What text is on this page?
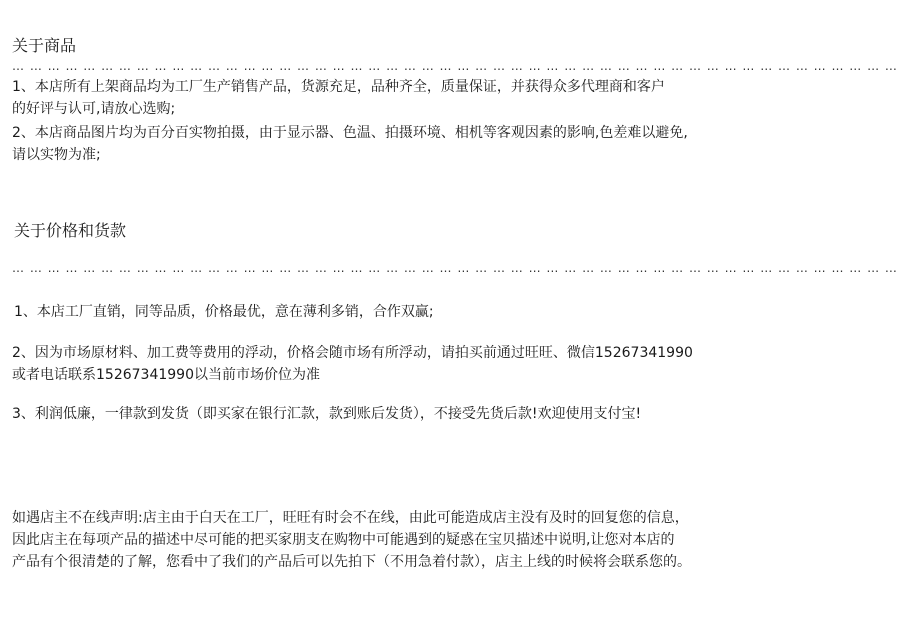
关于商品
… … … … … … … … … … … … … … … … … … … … … … … … … … … … … … … … … … … … … … … … … … … … … … … … … …
1、本店所有上架商品均为工厂生产销售产品，货源充足，品种齐全，质量保证，并获得众多代理商和客户
的好评与认可,请放心选购;
2、本店商品图片均为百分百实物拍摄，由于显示器、色温、拍摄环境、相机等客观因素的影响,色差难以避免,
请以实物为准;
关于价格和货款
… … … … … … … … … … … … … … … … … … … … … … … … … … … … … … … … … … … … … … … … … … … … … … … … … …
1、本店工厂直销，同等品质，价格最优，意在薄利多销，合作双赢;
2、因为市场原材料、加工费等费用的浮动，价格会随市场有所浮动，请拍买前通过旺旺、微信15267341990
或者电话联系15267341990以当前市场价位为准
3、利润低廉，一律款到发货（即买家在银行汇款，款到账后发货），不接受先货后款!欢迎使用支付宝!
如遇店主不在线声明:店主由于白天在工厂，旺旺有时会不在线，由此可能造成店主没有及时的回复您的信息，
因此店主在每项产品的描述中尽可能的把买家朋支在购物中可能遇到的疑惑在宝贝描述中说明,让您对本店的
产品有个很清楚的了解，您看中了我们的产品后可以先拍下（不用急着付款），店主上线的时候将会联系您的。
